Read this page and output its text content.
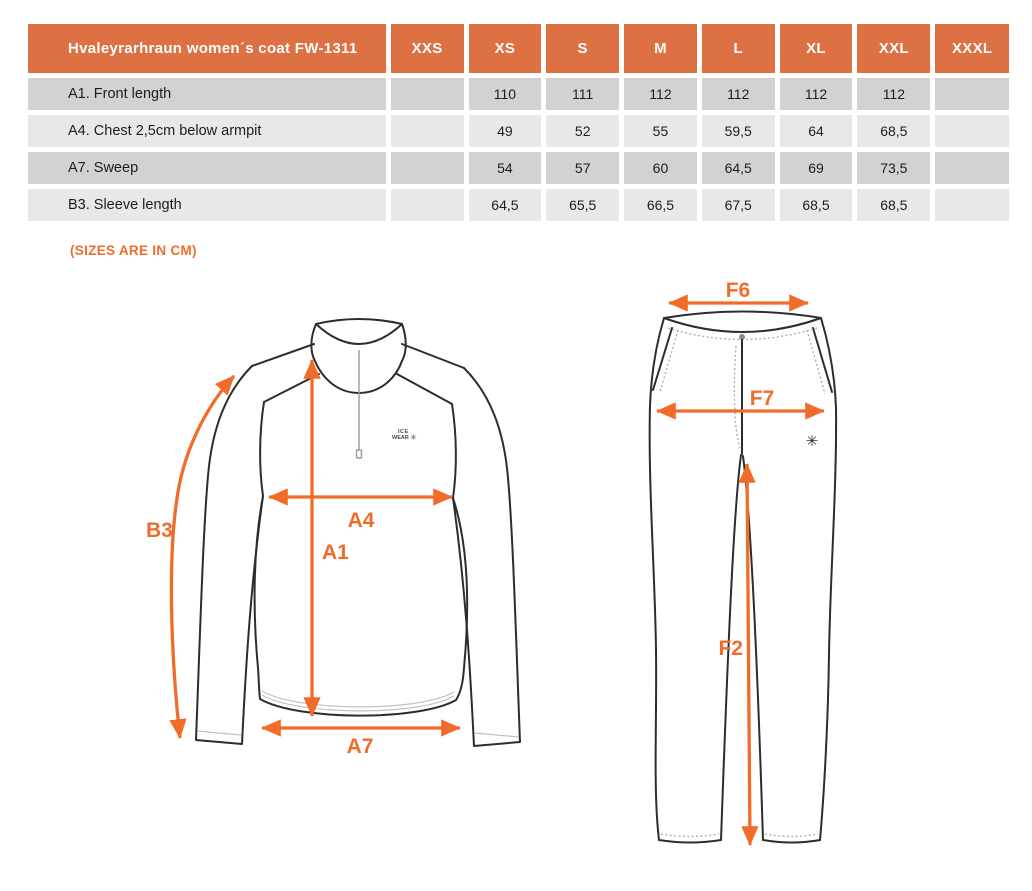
Hvaleyrarhraun women´s coat FW-1311	XXS	XS	S	M	L	XL	XXL	XXXL
A1. Front length		110	111	112	112	112	112	
A4. Chest 2,5cm below armpit		49	52	55	59,5	64	68,5	
A7. Sweep		54	57	60	64,5	69	73,5	
B3. Sleeve length		64,5	65,5	66,5	67,5	68,5	68,5	
(SIZES ARE IN CM)
ICE
WEAR ✳
B3
A1
A4
A7
✳
F6
F7
F2
